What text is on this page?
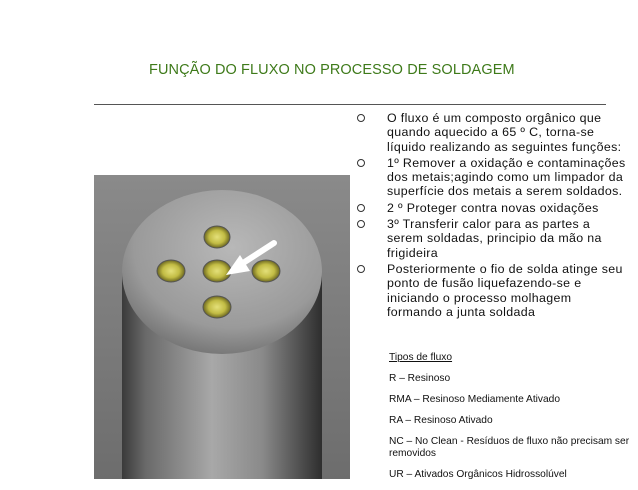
FUNÇÃO DO FLUXO NO PROCESSO DE SOLDAGEM
O fluxo é um composto orgânico que quando aquecido a 65 º C, torna-se líquido realizando as seguintes funções:
1º Remover a oxidação e contaminações dos metais;agindo como um limpador da superfície dos metais a serem soldados.
2 º Proteger contra novas oxidações
3º Transferir calor para as partes a serem soldadas, principio da mão na frigideira
Posteriormente o fio de solda atinge seu ponto de fusão liquefazendo-se e iniciando o processo molhagem formando a junta soldada
Tipos de fluxo
R – Resinoso
RMA – Resinoso Mediamente Ativado
RA – Resinoso Ativado
NC – No Clean - Resíduos de fluxo não precisam ser removidos
UR – Ativados Orgânicos Hidrossolúvel
